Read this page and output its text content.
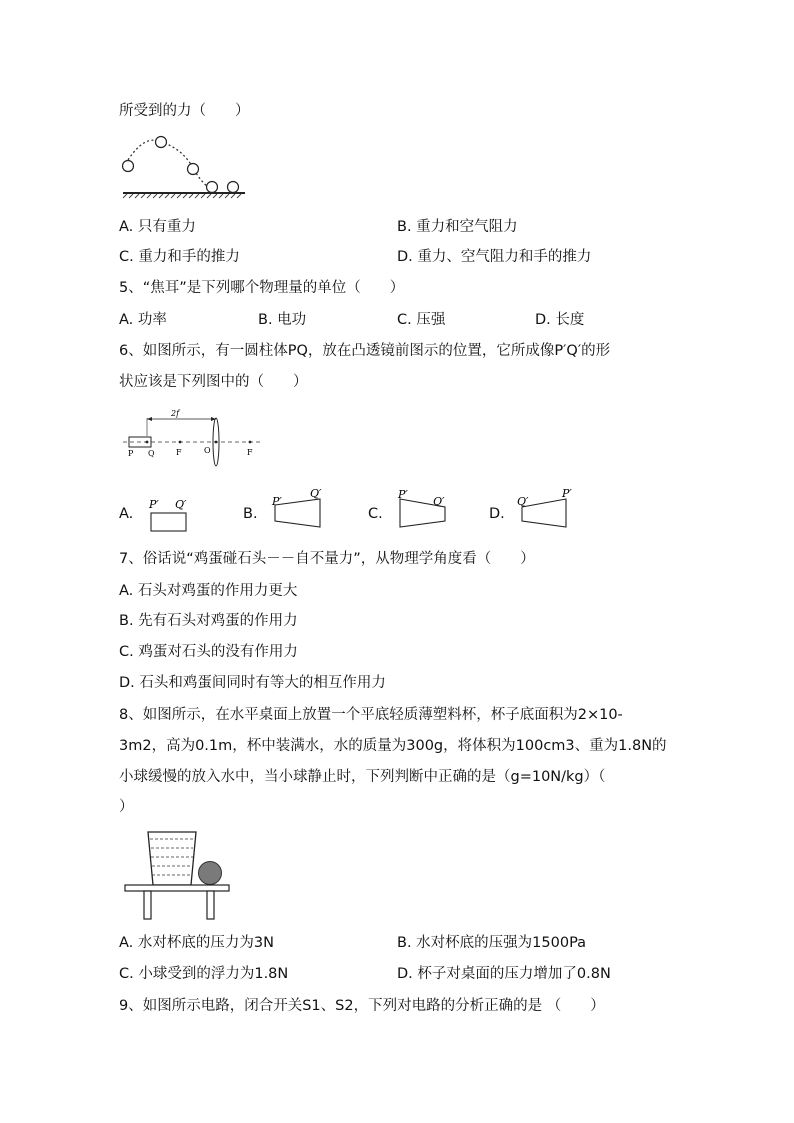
所受到的力（　　）
A. 只有重力	B. 重力和空气阻力
C. 重力和手的推力	D. 重力、空气阻力和手的推力
5、“焦耳”是下列哪个物理量的单位（　　）
A. 功率	B. 电功	C. 压强	D. 长度
6、如图所示，有一圆柱体PQ，放在凸透镜前图示的位置，它所成像P′Q′的形
状应该是下列图中的（　　）
2f
P Q	F	O	F
A.
P′ Q′
B.
P′
Q′
C.
P′
Q′
D.
Q′
P′
7、俗话说“鸡蛋碰石头－－自不量力”，从物理学角度看（　　）
A. 石头对鸡蛋的作用力更大
B. 先有石头对鸡蛋的作用力
C. 鸡蛋对石头的没有作用力
D. 石头和鸡蛋间同时有等大的相互作用力
8、如图所示，在水平桌面上放置一个平底轻质薄塑料杯，杯子底面积为2×10-
3m2，高为0.1m，杯中装满水，水的质量为300g，将体积为100cm3、重为1.8N的
小球缓慢的放入水中，当小球静止时，下列判断中正确的是（g=10N/kg）（
）
A. 水对杯底的压力为3N	B. 水对杯底的压强为1500Pa
C. 小球受到的浮力为1.8N	D. 杯子对桌面的压力增加了0.8N
9、如图所示电路，闭合开关S1、S2，下列对电路的分析正确的是 （　　）
